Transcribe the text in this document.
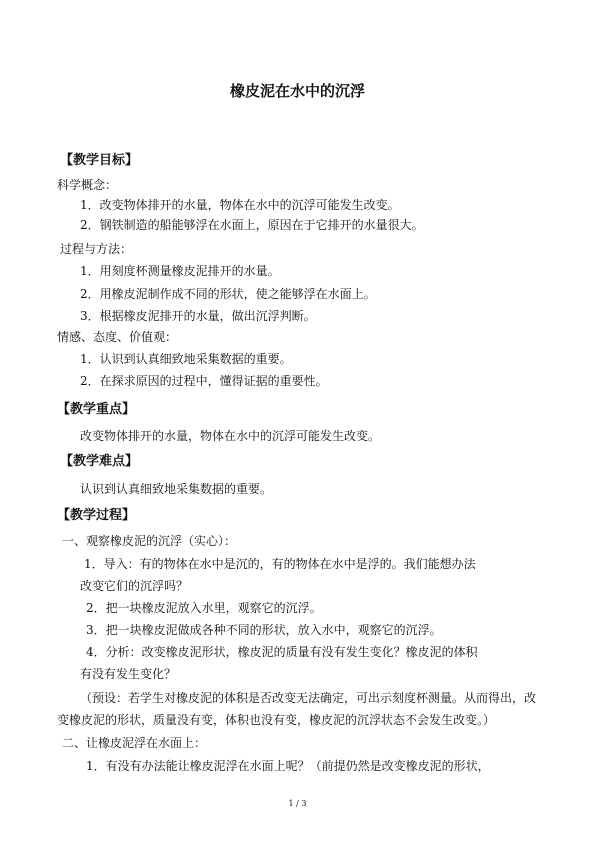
橡皮泥在水中的沉浮
【教学目标】
科学概念：
1．改变物体排开的水量，物体在水中的沉浮可能发生改变。
2．钢铁制造的船能够浮在水面上，原因在于它排开的水量很大。
过程与方法：
1．用刻度杯测量橡皮泥排开的水量。
2．用橡皮泥制作成不同的形状，使之能够浮在水面上。
3．根据橡皮泥排开的水量，做出沉浮判断。
情感、态度、价值观：
1．认识到认真细致地采集数据的重要。
2．在探求原因的过程中，懂得证据的重要性。
【教学重点】
改变物体排开的水量，物体在水中的沉浮可能发生改变。
【教学难点】
认识到认真细致地采集数据的重要。
【教学过程】
一、观察橡皮泥的沉浮（实心）：
1．导入：有的物体在水中是沉的，有的物体在水中是浮的。我们能想办法
改变它们的沉浮吗？
2．把一块橡皮泥放入水里，观察它的沉浮。
3．把一块橡皮泥做成各种不同的形状，放入水中，观察它的沉浮。
4．分析：改变橡皮泥形状，橡皮泥的质量有没有发生变化？橡皮泥的体积
有没有发生变化？
（预设：若学生对橡皮泥的体积是否改变无法确定，可出示刻度杯测量。从而得出，改
变橡皮泥的形状，质量没有变，体积也没有变，橡皮泥的沉浮状态不会发生改变。）
二、让橡皮泥浮在水面上：
1．有没有办法能让橡皮泥浮在水面上呢？（前提仍然是改变橡皮泥的形状，
1 / 3
